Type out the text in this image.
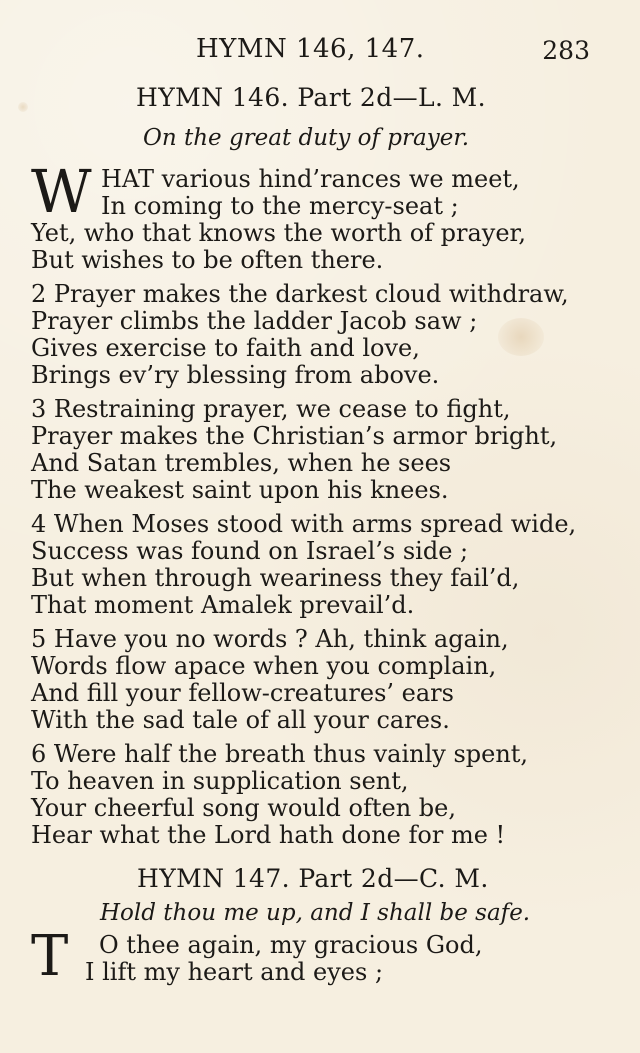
HYMN 146, 147.	283
HYMN 146. Part 2d—L. M.
On the great duty of prayer.
W HAT various hind’rances we meet,
In coming to the mercy-seat ;
Yet, who that knows the worth of prayer,
But wishes to be often there.
2 Prayer makes the darkest cloud withdraw,
Prayer climbs the ladder Jacob saw ;
Gives exercise to faith and love,
Brings ev’ry blessing from above.
3 Restraining prayer, we cease to fight,
Prayer makes the Christian’s armor bright,
And Satan trembles, when he sees
The weakest saint upon his knees.
4 When Moses stood with arms spread wide,
Success was found on Israel’s side ;
But when through weariness they fail’d,
That moment Amalek prevail’d.
5 Have you no words ? Ah, think again,
Words flow apace when you complain,
And fill your fellow-creatures’ ears
With the sad tale of all your cares.
6 Were half the breath thus vainly spent,
To heaven in supplication sent,
Your cheerful song would often be,
Hear what the Lord hath done for me !
HYMN 147. Part 2d—C. M.
Hold thou me up, and I shall be safe.
T O thee again, my gracious God,
I lift my heart and eyes ;
